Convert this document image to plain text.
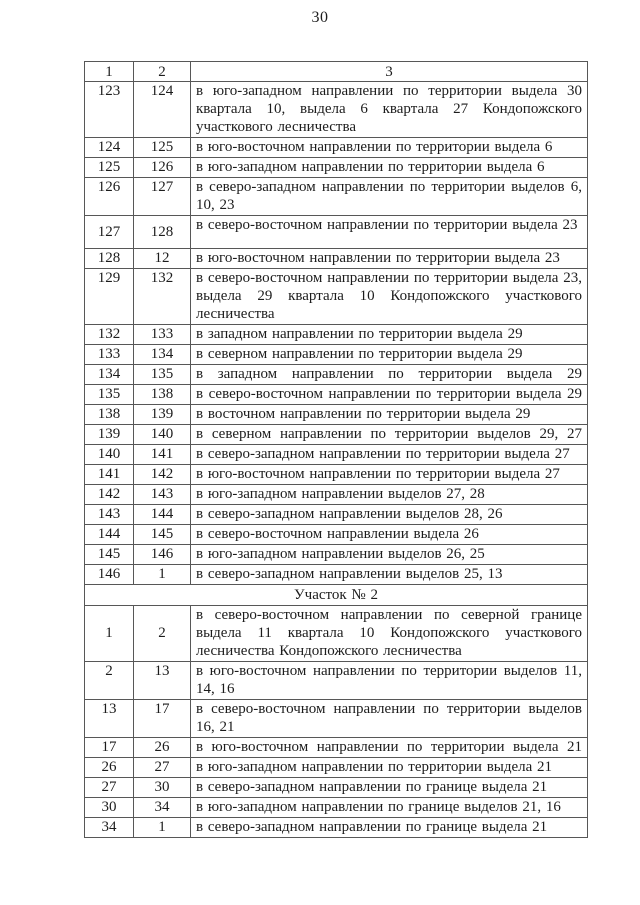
30
1	2	3
123	124	в юго-западном направлении по территории выдела 30 квартала 10, выдела 6 квартала 27 Кондопожского участкового лесничества
124	125	в юго-восточном направлении по территории выдела 6
125	126	в юго-западном направлении по территории выдела 6
126	127	в северо-западном направлении по территории выделов 6, 10, 23
127	128	в северо-восточном направлении по территории выдела 23
128	12	в юго-восточном направлении по территории выдела 23
129	132	в северо-восточном направлении по территории выдела 23, выдела 29 квартала 10 Кондопожского участкового лесничества
132	133	в западном направлении по территории выдела 29
133	134	в северном направлении по территории выдела 29
134	135	в западном направлении по территории выдела 29
135	138	в северо-восточном направлении по территории выдела 29
138	139	в восточном направлении по территории выдела 29
139	140	в северном направлении по территории выделов 29, 27
140	141	в северо-западном направлении по территории выдела 27
141	142	в юго-восточном направлении по территории выдела 27
142	143	в юго-западном направлении выделов 27, 28
143	144	в северо-западном направлении выделов 28, 26
144	145	в северо-восточном направлении выдела 26
145	146	в юго-западном направлении выделов 26, 25
146	1	в северо-западном направлении выделов 25, 13
Участок № 2		
1	2	в северо-восточном направлении по северной границе выдела 11 квартала 10 Кондопожского участкового лесничества Кондопожского лесничества
2	13	в юго-восточном направлении по территории выделов 11, 14, 16
13	17	в северо-восточном направлении по территории выделов 16, 21
17	26	в юго-восточном направлении по территории выдела 21
26	27	в юго-западном направлении по территории выдела 21
27	30	в северо-западном направлении по границе выдела 21
30	34	в юго-западном направлении по границе выделов 21, 16
34	1	в северо-западном направлении по границе выдела 21
